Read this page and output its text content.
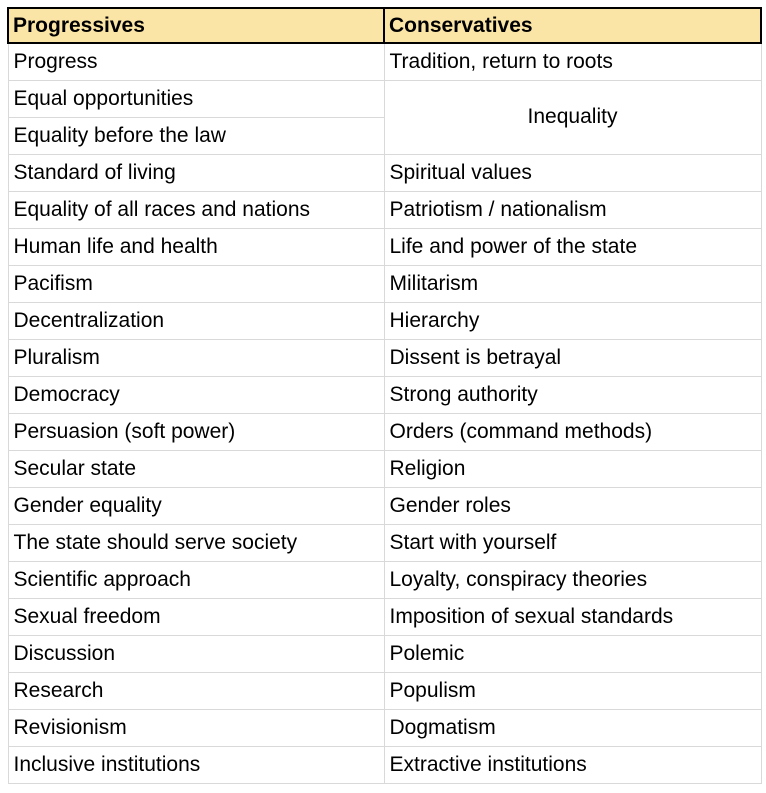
Progressives	Conservatives
Progress	Tradition, return to roots
Equal opportunities	Inequality
Equality before the law	
Standard of living	Spiritual values
Equality of all races and nations	Patriotism / nationalism
Human life and health	Life and power of the state
Pacifism	Militarism
Decentralization	Hierarchy
Pluralism	Dissent is betrayal
Democracy	Strong authority
Persuasion (soft power)	Orders (command methods)
Secular state	Religion
Gender equality	Gender roles
The state should serve society	Start with yourself
Scientific approach	Loyalty, conspiracy theories
Sexual freedom	Imposition of sexual standards
Discussion	Polemic
Research	Populism
Revisionism	Dogmatism
Inclusive institutions	Extractive institutions
